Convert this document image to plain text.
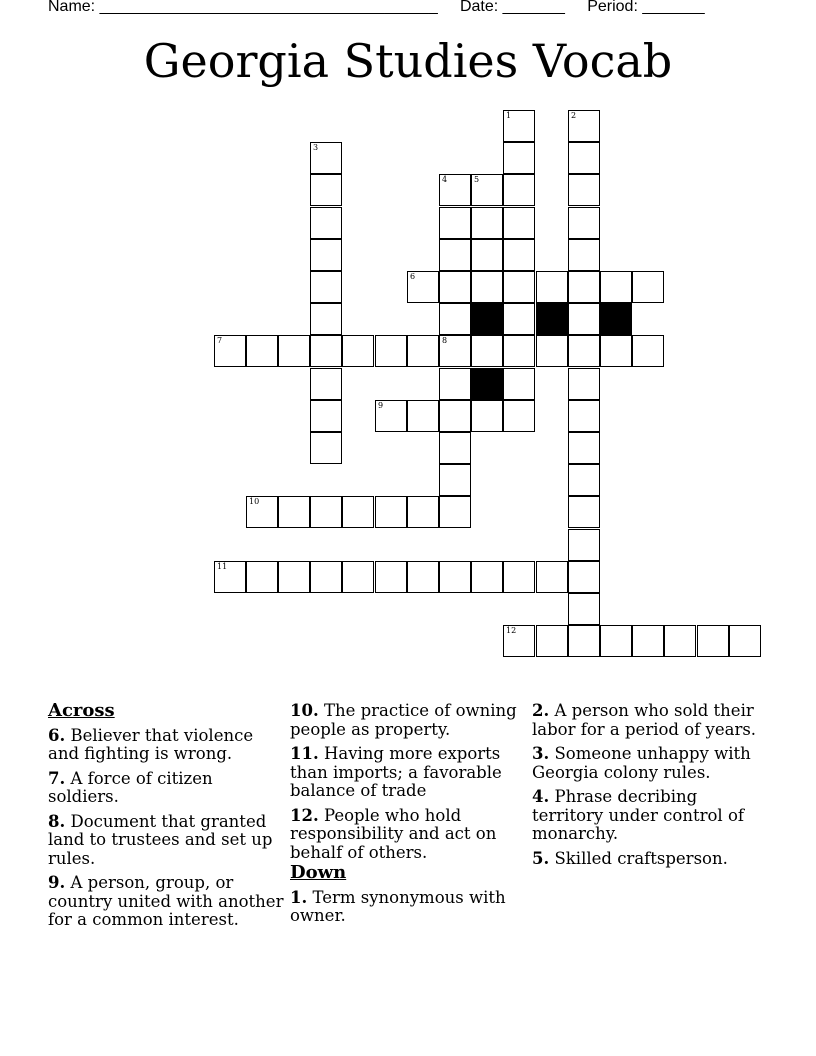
Name: ______________________________________ Date: _______ Period: _______
Georgia Studies Vocab
1	2
3
4
8
5
6
7
9
10
11
12
Across
6. Believer that violence and fighting is wrong.
7. A force of citizen soldiers.
8. Document that granted land to trustees and set up rules.
9. A person, group, or country united with another for a common interest.
10. The practice of owning people as property.
11. Having more exports than imports; a favorable balance of trade
12. People who hold responsibility and act on behalf of others.
Down
1. Term synonymous with owner.
2. A person who sold their labor for a period of years.
3. Someone unhappy with Georgia colony rules.
4. Phrase decribing territory under control of monarchy.
5. Skilled craftsperson.
